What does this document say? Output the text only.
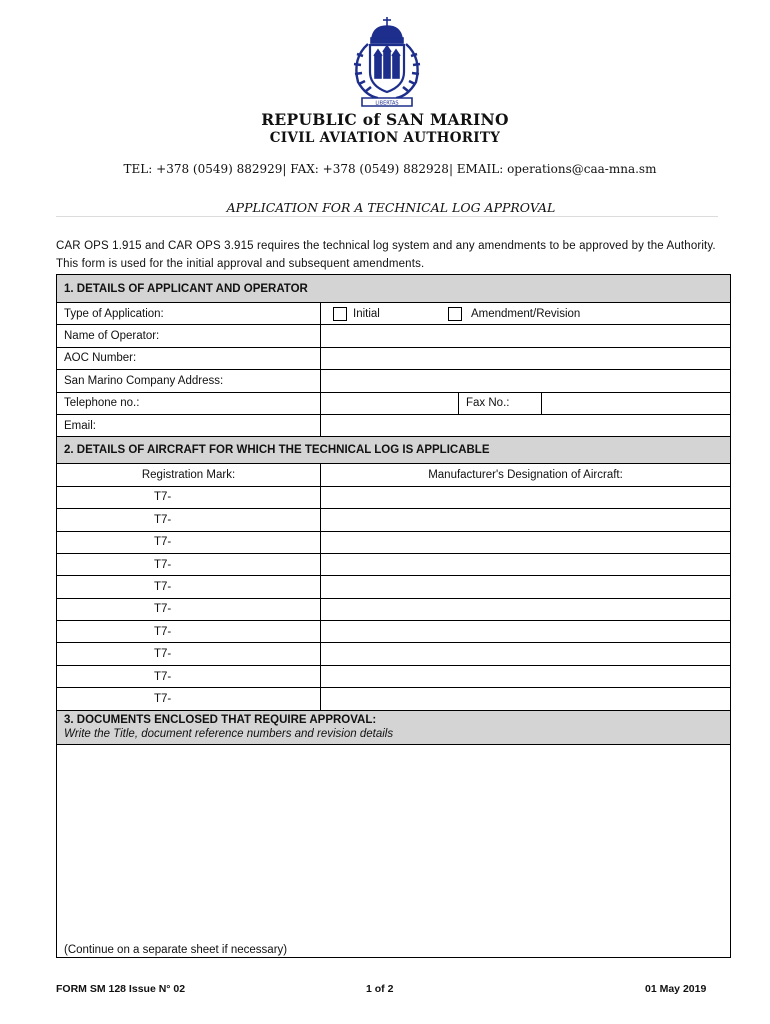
LIBERTAS
REPUBLIC of SAN MARINO
CIVIL AVIATION AUTHORITY
TEL: +378 (0549) 882929| FAX: +378 (0549) 882928| EMAIL: operations@caa-mna.sm
APPLICATION FOR A TECHNICAL LOG APPROVAL
CAR OPS 1.915 and CAR OPS 3.915 requires the technical log system and any amendments to be approved by the Authority. This form is used for the initial approval and subsequent amendments.
1. DETAILS OF APPLICANT AND OPERATOR
Type of Application:	Initial	Amendment/Revision
Name of Operator:
AOC Number:
San Marino Company Address:
Telephone no.:	Fax No.:
Email:
2. DETAILS OF AIRCRAFT FOR WHICH THE TECHNICAL LOG IS APPLICABLE
Registration Mark:	Manufacturer's Designation of Aircraft:
T7-
T7-
T7-
T7-
T7-
T7-
T7-
T7-
T7-
T7-
3. DOCUMENTS ENCLOSED THAT REQUIRE APPROVAL:
Write the Title, document reference numbers and revision details
(Continue on a separate sheet if necessary)
FORM SM 128 Issue N° 02	1 of 2	01 May 2019
